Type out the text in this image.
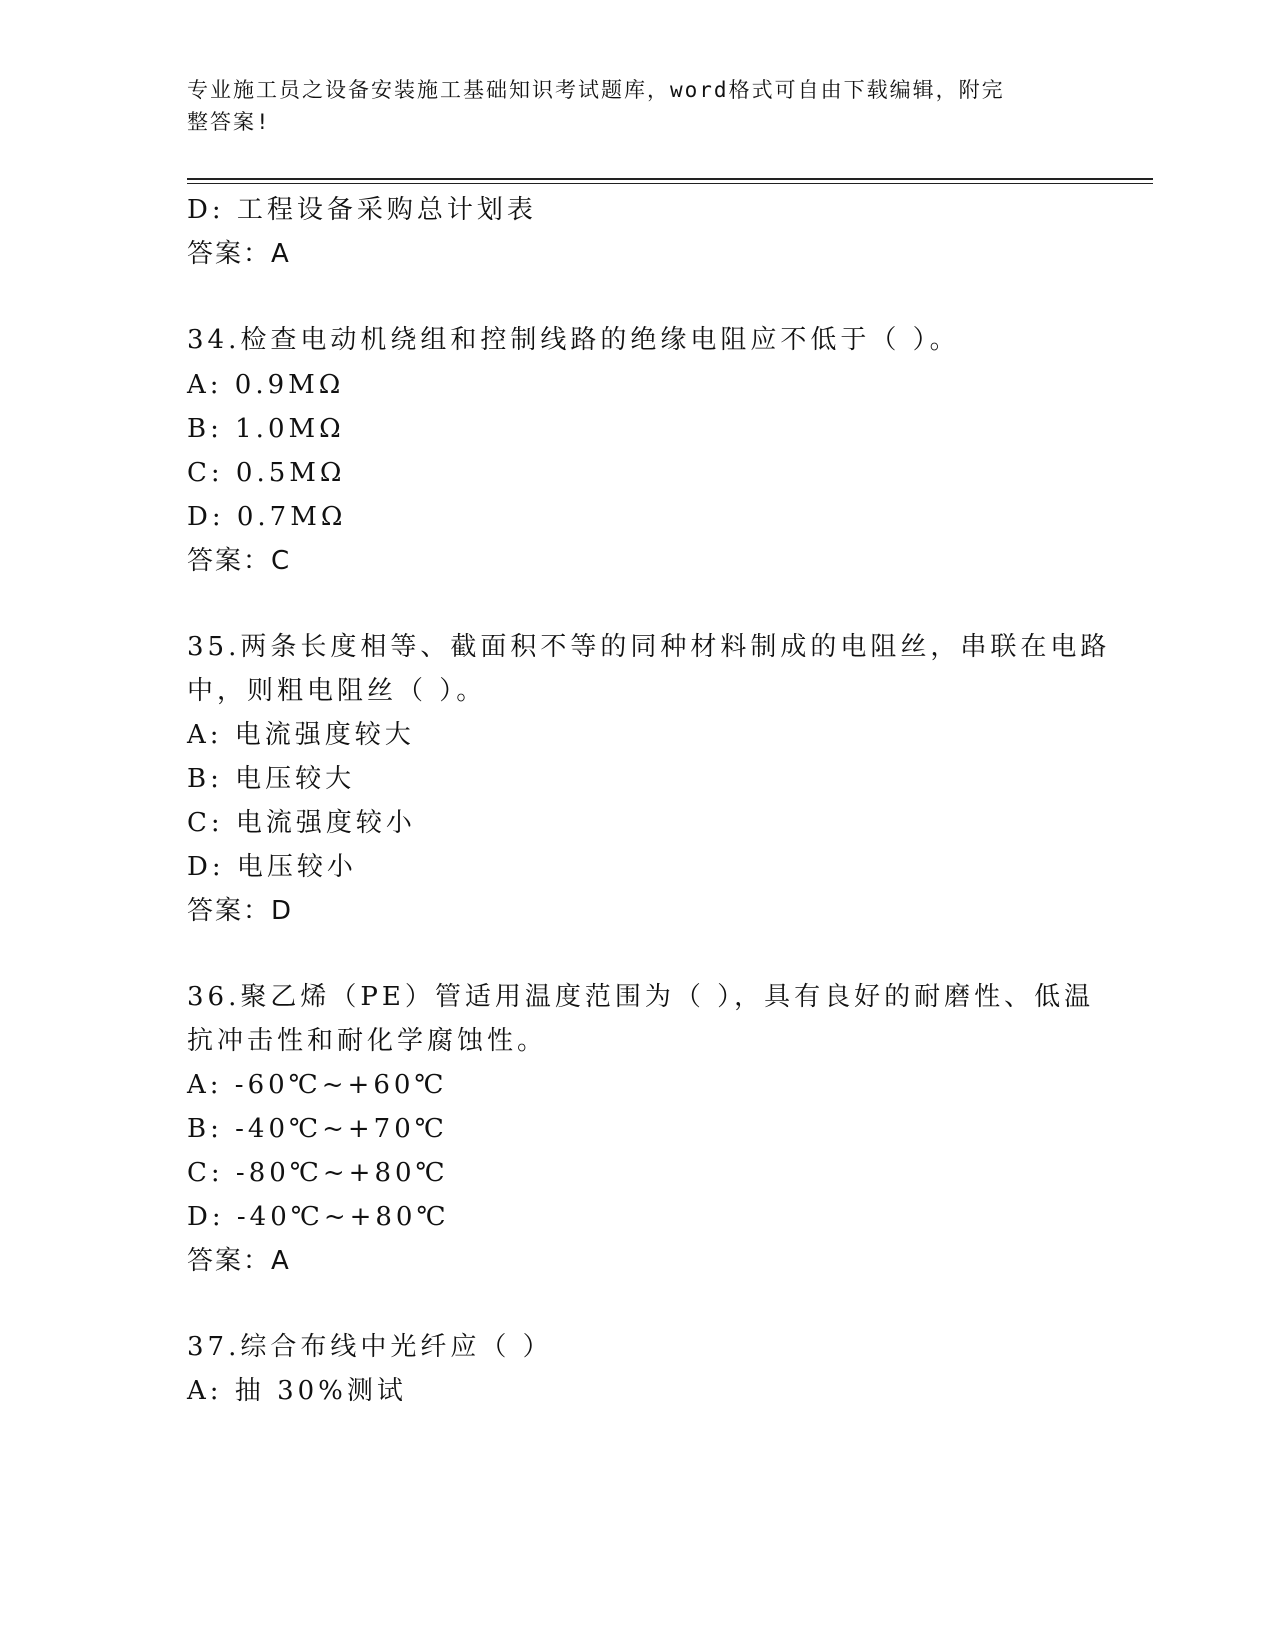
专业施工员之设备安装施工基础知识考试题库，word格式可自由下载编辑，附完
整答案!
D: 工程设备采购总计划表
答案：A
34.检查电动机绕组和控制线路的绝缘电阻应不低于（ ）。
A: 0.9MΩ
B: 1.0MΩ
C: 0.5MΩ
D: 0.7MΩ
答案：C
35.两条长度相等、截面积不等的同种材料制成的电阻丝，串联在电路
中，则粗电阻丝（ ）。
A: 电流强度较大
B: 电压较大
C: 电流强度较小
D: 电压较小
答案：D
36.聚乙烯（PE）管适用温度范围为（ ），具有良好的耐磨性、低温
抗冲击性和耐化学腐蚀性。
A: -60℃~+60℃
B: -40℃~+70℃
C: -80℃~+80℃
D: -40℃~+80℃
答案：A
37.综合布线中光纤应（ ）
A: 抽 30%测试
